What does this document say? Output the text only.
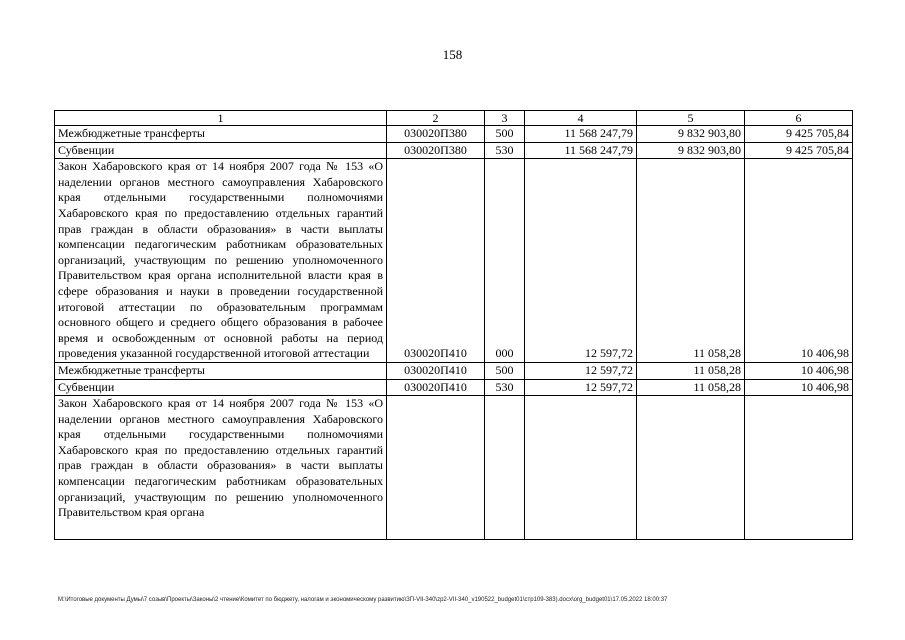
158
1	2	3	4	5	6
Межбюджетные трансферты	030020П380	500	11 568 247,79	9 832 903,80	9 425 705,84
Субвенции	030020П380	530	11 568 247,79	9 832 903,80	9 425 705,84
Закон Хабаровского края от 14 ноября 2007 года № 153 «О наделении органов местного самоуправления Хабаровского края отдельными государственными полномочиями Хабаровского края по предоставлению отдельных гарантий прав граждан в области образования» в части выплаты компенсации педагогическим работникам образовательных организаций, участвующим по решению уполномоченного Правительством края органа исполнительной власти края в сфере образования и науки в проведении государственной итоговой аттестации по образовательным программам основного общего и среднего общего образования в рабочее время и освобожденным от основной работы на период проведения указанной государственной итоговой аттестации	030020П410	000	12 597,72	11 058,28	10 406,98
Межбюджетные трансферты	030020П410	500	12 597,72	11 058,28	10 406,98
Субвенции	030020П410	530	12 597,72	11 058,28	10 406,98
Закон Хабаровского края от 14 ноября 2007 года № 153 «О наделении органов местного самоуправления Хабаровского края отдельными государственными полномочиями Хабаровского края по предоставлению отдельных гарантий прав граждан в области образования» в части выплаты компенсации педагогическим работникам образовательных организаций, участвующим по решению уполномоченного Правительством края органа					
M:\Итоговые документы Думы\7 созыв\Проекты\Законы\2 чтение\Комитет по бюджету, налогам и экономическому развитию\ЗП-VII-340\zp2-VII-340_v190522_budget01\стр109-383).docx\org_budget01\17.05.2022 18:00:37
